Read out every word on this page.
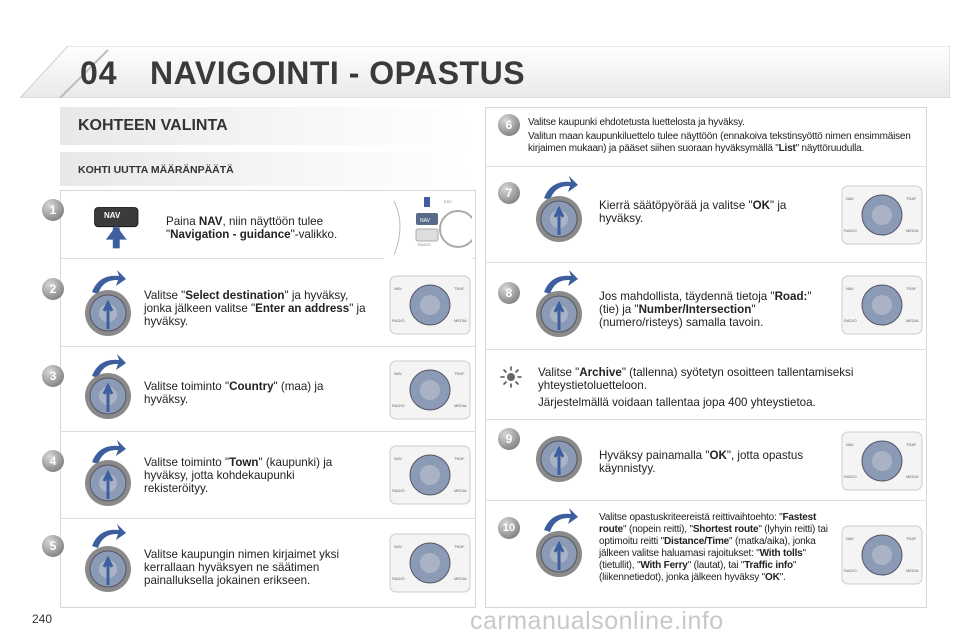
04 NAVIGOINTI - OPASTUS
KOHTEEN VALINTA
KOHTI UUTTA MÄÄRÄNPÄÄTÄ
1
2
3
4
5
6
7
8
9
10
Paina NAV, niin näyttöön tulee "Navigation - guidance"-valikko.
Valitse "Select destination" ja hyväksy, jonka jälkeen valitse "Enter an address" ja hyväksy.
Valitse toiminto "Country" (maa) ja hyväksy.
Valitse toiminto "Town" (kaupunki) ja hyväksy, jotta kohdekaupunki rekisteröityy.
Valitse kaupungin nimen kirjaimet yksi kerrallaan hyväksyen ne säätimen painalluksella jokainen erikseen.
Valitse kaupunki ehdotetusta luettelosta ja hyväksy.
Valitun maan kaupunkiluettelo tulee näyttöön (ennakoiva tekstinsyöttö nimen ensimmäisen kirjaimen mukaan) ja pääset siihen suoraan hyväksymällä "List" näyttöruudulla.
Kierrä säätöpyörää ja valitse "OK" ja hyväksy.
Jos mahdollista, täydennä tietoja "Road:" (tie) ja "Number/Intersection" (numero/risteys) samalla tavoin.
Valitse "Archive" (tallenna) syötetyn osoitteen tallentamiseksi yhteystietoluetteloon.
Järjestelmällä voidaan tallentaa jopa 400 yhteystietoa.
Hyväksy painamalla "OK", jotta opastus käynnistyy.
Valitse opastuskriteereistä reittivaihtoehto: "Fastest route" (nopein reitti), "Shortest route" (lyhyin reitti) tai optimoitu reitti "Distance/Time" (matka/aika), jonka jälkeen valitse haluamasi rajoitukset: "With tolls" (tietullit), "With Ferry" (lautat), tai "Traffic info" (liikennetiedot), jonka jälkeen hyväksy "OK".
NAV
NAV
ESC
RADIO
NAV	TRAF
RADIO	MEDIA
NAV	TRAF
RADIO	MEDIA
NAV	TRAF
RADIO	MEDIA
NAV	TRAF
RADIO	MEDIA
NAV	TRAF
RADIO	MEDIA
NAV	TRAF
RADIO	MEDIA
NAV	TRAF
RADIO	MEDIA
NAV	TRAF
RADIO	MEDIA
240	carmanualsonline.info
